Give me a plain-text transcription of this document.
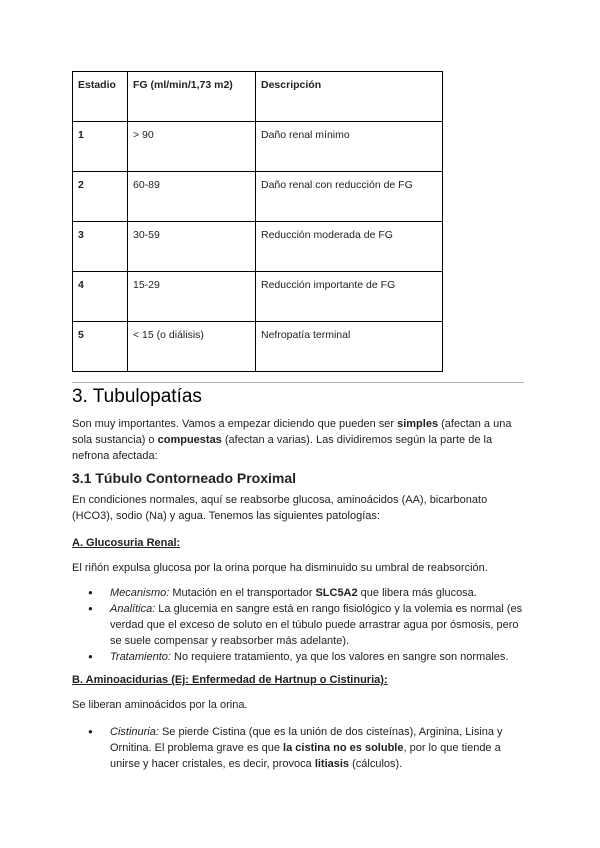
Estadio	FG (ml/min/1,73 m2)	Descripción
1	> 90	Daño renal mínimo
2	60-89	Daño renal con reducción de FG
3	30-59	Reducción moderada de FG
4	15-29	Reducción importante de FG
5	< 15 (o diálisis)	Nefropatía terminal
3. Tubulopatías

Son muy importantes. Vamos a empezar diciendo que pueden ser simples (afectan a una sola sustancia) o compuestas (afectan a varias). Las dividiremos según la parte de la nefrona afectada:

3.1 Túbulo Contorneado Proximal

En condiciones normales, aquí se reabsorbe glucosa, aminoácidos (AA), bicarbonato (HCO3), sodio (Na) y agua. Tenemos las siguientes patologías:

A. Glucosuria Renal:

El riñón expulsa glucosa por la orina porque ha disminuido su umbral de reabsorción.

● Mecanismo: Mutación en el transportador SLC5A2 que libera más glucosa.
● Analítica: La glucemia en sangre está en rango fisiológico y la volemia es normal (es verdad que el exceso de soluto en el túbulo puede arrastrar agua por ósmosis, pero se suele compensar y reabsorber más adelante).
● Tratamiento: No requiere tratamiento, ya que los valores en sangre son normales.
B. Aminoacidurias (Ej: Enfermedad de Hartnup o Cistinuria):

Se liberan aminoácidos por la orina.

● Cistinuria: Se pierde Cistina (que es la unión de dos cisteínas), Arginina, Lisina y Ornitina. El problema grave es que la cistina no es soluble, por lo que tiende a unirse y hacer cristales, es decir, provoca litiasis (cálculos).
